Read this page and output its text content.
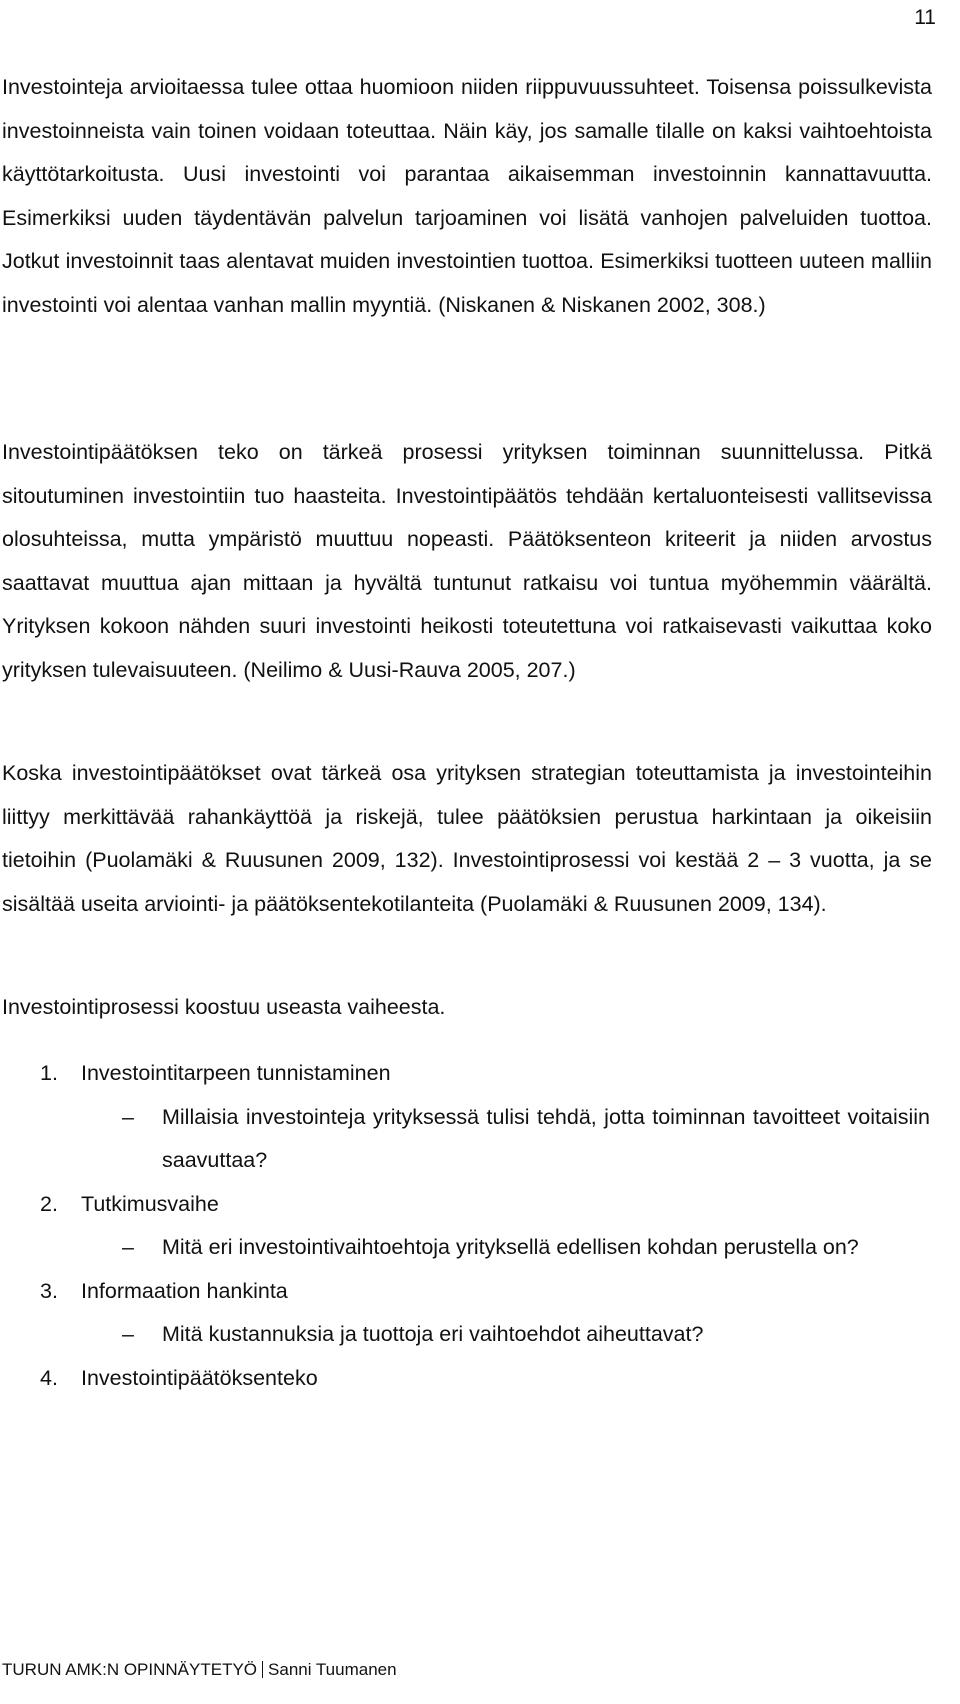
11

Investointeja arvioitaessa tulee ottaa huomioon niiden riippuvuussuhteet. Toisensa poissulkevista investoinneista vain toinen voidaan toteuttaa. Näin käy, jos samalle tilalle on kaksi vaihtoehtoista käyttötarkoitusta. Uusi investointi voi parantaa aikaisemman investoinnin kannattavuutta. Esimerkiksi uuden täydentävän palvelun tarjoaminen voi lisätä vanhojen palveluiden tuottoa. Jotkut investoinnit taas alentavat muiden investointien tuottoa. Esimerkiksi tuotteen uuteen malliin investointi voi alentaa vanhan mallin myyntiä. (Niskanen & Niskanen 2002, 308.)

Investointipäätöksen teko on tärkeä prosessi yrityksen toiminnan suunnittelussa. Pitkä sitoutuminen investointiin tuo haasteita. Investointipäätös tehdään kertaluonteisesti vallitsevissa olosuhteissa, mutta ympäristö muuttuu nopeasti. Päätöksenteon kriteerit ja niiden arvostus saattavat muuttua ajan mittaan ja hyvältä tuntunut ratkaisu voi tuntua myöhemmin väärältä. Yrityksen kokoon nähden suuri investointi heikosti toteutettuna voi ratkaisevasti vaikuttaa koko yrityksen tulevaisuuteen. (Neilimo & Uusi-Rauva 2005, 207.)

Koska investointipäätökset ovat tärkeä osa yrityksen strategian toteuttamista ja investointeihin liittyy merkittävää rahankäyttöä ja riskejä, tulee päätöksien perustua harkintaan ja oikeisiin tietoihin (Puolamäki & Ruusunen 2009, 132). Investointiprosessi voi kestää 2 – 3 vuotta, ja se sisältää useita arviointi- ja päätöksentekotilanteita (Puolamäki & Ruusunen 2009, 134).

Investointiprosessi koostuu useasta vaiheesta.

1. Investointitarpeen tunnistaminen
– Millaisia investointeja yrityksessä tulisi tehdä, jotta toiminnan tavoitteet voitaisiin saavuttaa?
2. Tutkimusvaihe
– Mitä eri investointivaihtoehtoja yrityksellä edellisen kohdan perustella on?
3. Informaation hankinta
– Mitä kustannuksia ja tuottoja eri vaihtoehdot aiheuttavat?
4. Investointipäätöksenteko
TURUN AMK:N OPINNÄYTETYÖ Sanni Tuumanen
